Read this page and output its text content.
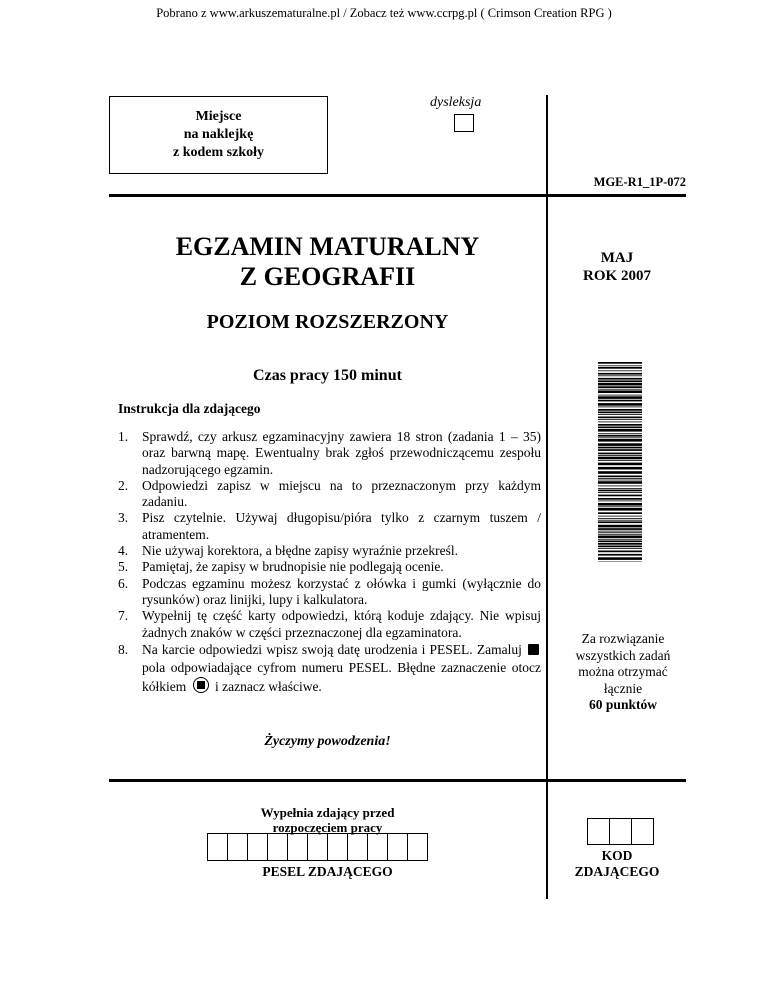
Pobrano z www.arkuszematuralne.pl / Zobacz też www.ccrpg.pl ( Crimson Creation RPG )
Miejsce
na naklejkę
z kodem szkoły
dysleksja
MGE-R1_1P-072
EGZAMIN MATURALNY
Z GEOGRAFII
POZIOM ROZSZERZONY
MAJ
ROK 2007
Czas pracy 150 minut
Instrukcja dla zdającego
1. Sprawdź, czy arkusz egzaminacyjny zawiera 18 stron (zadania 1 – 35) oraz barwną mapę. Ewentualny brak zgłoś przewodniczącemu zespołu nadzorującego egzamin.
2. Odpowiedzi zapisz w miejscu na to przeznaczonym przy każdym zadaniu.
3. Pisz czytelnie. Używaj długopisu/pióra tylko z czarnym tuszem / atramentem.
4. Nie używaj korektora, a błędne zapisy wyraźnie przekreśl.
5. Pamiętaj, że zapisy w brudnopisie nie podlegają ocenie.
6. Podczas egzaminu możesz korzystać z ołówka i gumki (wyłącznie do rysunków) oraz linijki, lupy i kalkulatora.
7. Wypełnij tę część karty odpowiedzi, którą koduje zdający. Nie wpisuj żadnych znaków w części przeznaczonej dla egzaminatora.
8. Na karcie odpowiedzi wpisz swoją datę urodzenia i PESEL. Zamaluj  pola odpowiadające cyfrom numeru PESEL. Błędne zaznaczenie otocz kółkiem i zaznacz właściwe.
Za rozwiązanie
wszystkich zadań
można otrzymać
łącznie
60 punktów
Życzymy powodzenia!
Wypełnia zdający przed
rozpoczęciem pracy
PESEL ZDAJĄCEGO
KOD
ZDAJĄCEGO
